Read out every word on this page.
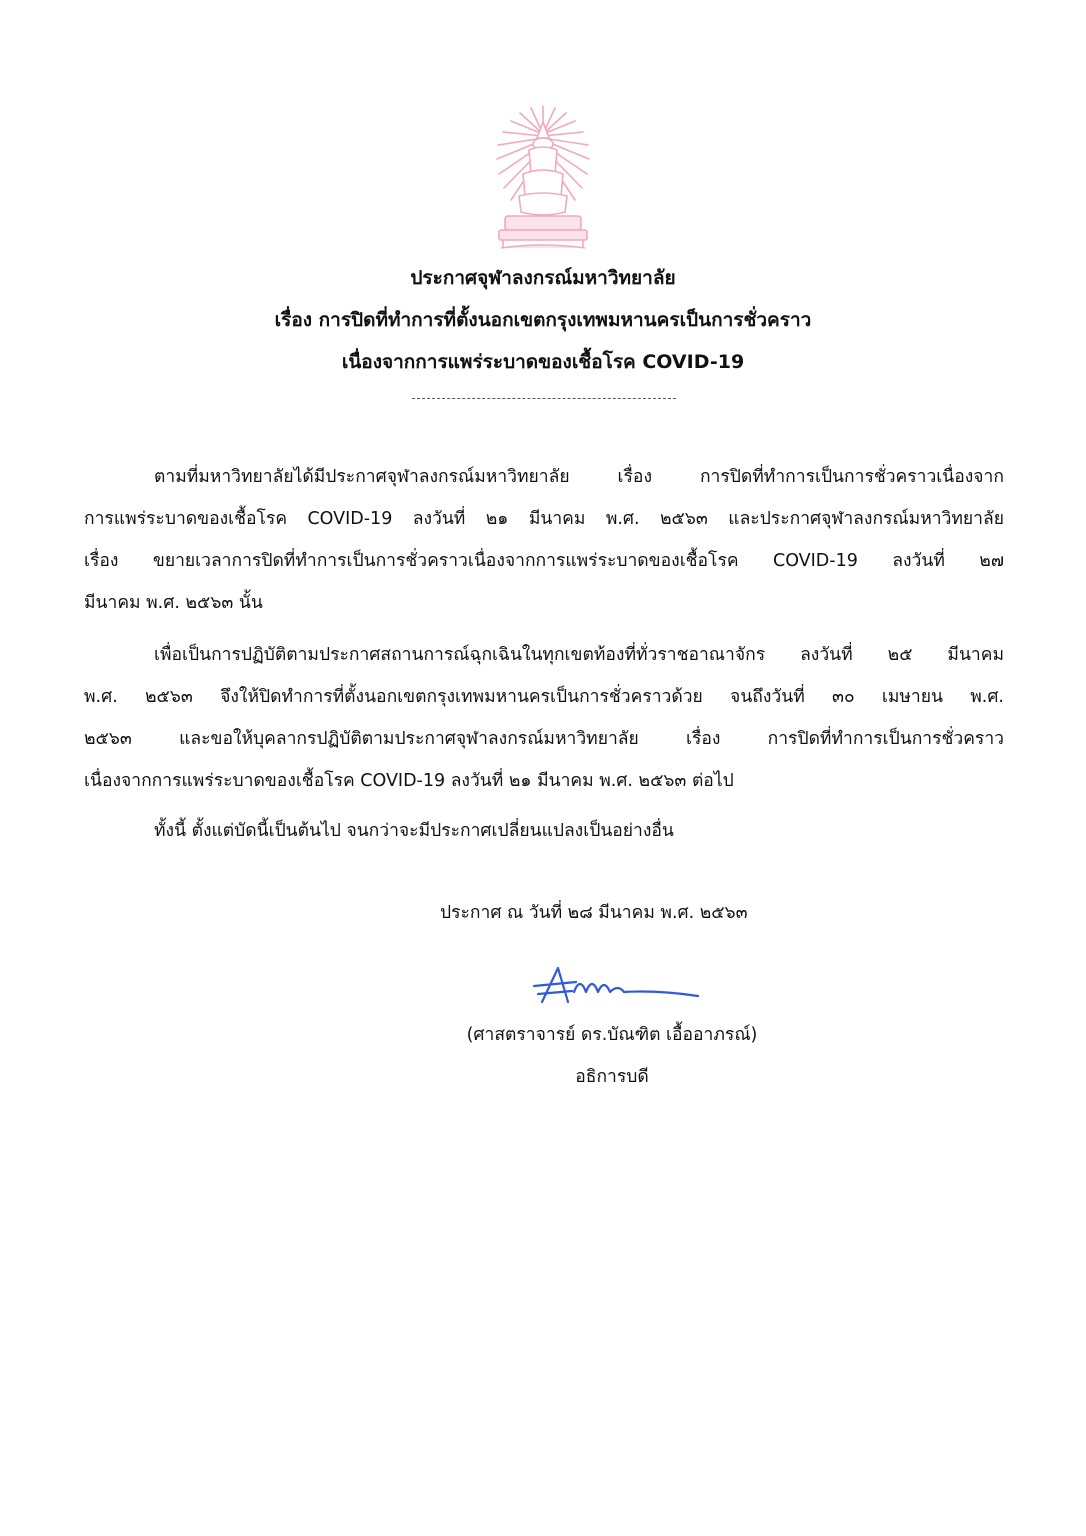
ประกาศจุฬาลงกรณ์มหาวิทยาลัย
เรื่อง การปิดที่ทำการที่ตั้งนอกเขตกรุงเทพมหานครเป็นการชั่วคราว
เนื่องจากการแพร่ระบาดของเชื้อโรค COVID-19
ตามที่มหาวิทยาลัยได้มีประกาศจุฬาลงกรณ์มหาวิทยาลัย เรื่อง การปิดที่ทำการเป็นการชั่วคราวเนื่องจาก
การแพร่ระบาดของเชื้อโรค COVID-19 ลงวันที่ ๒๑ มีนาคม พ.ศ. ๒๕๖๓ และประกาศจุฬาลงกรณ์มหาวิทยาลัย
เรื่อง ขยายเวลาการปิดที่ทำการเป็นการชั่วคราวเนื่องจากการแพร่ระบาดของเชื้อโรค COVID-19 ลงวันที่ ๒๗
มีนาคม พ.ศ. ๒๕๖๓ นั้น
เพื่อเป็นการปฏิบัติตามประกาศสถานการณ์ฉุกเฉินในทุกเขตท้องที่ทั่วราชอาณาจักร ลงวันที่ ๒๕ มีนาคม
พ.ศ. ๒๕๖๓ จึงให้ปิดทำการที่ตั้งนอกเขตกรุงเทพมหานครเป็นการชั่วคราวด้วย จนถึงวันที่ ๓๐ เมษายน พ.ศ.
๒๕๖๓ และขอให้บุคลากรปฏิบัติตามประกาศจุฬาลงกรณ์มหาวิทยาลัย เรื่อง การปิดที่ทำการเป็นการชั่วคราว
เนื่องจากการแพร่ระบาดของเชื้อโรค COVID-19 ลงวันที่ ๒๑ มีนาคม พ.ศ. ๒๕๖๓ ต่อไป
ทั้งนี้ ตั้งแต่บัดนี้เป็นต้นไป จนกว่าจะมีประกาศเปลี่ยนแปลงเป็นอย่างอื่น
ประกาศ ณ วันที่ ๒๘ มีนาคม พ.ศ. ๒๕๖๓
(ศาสตราจารย์ ดร.บัณฑิต เอื้ออาภรณ์)
อธิการบดี
